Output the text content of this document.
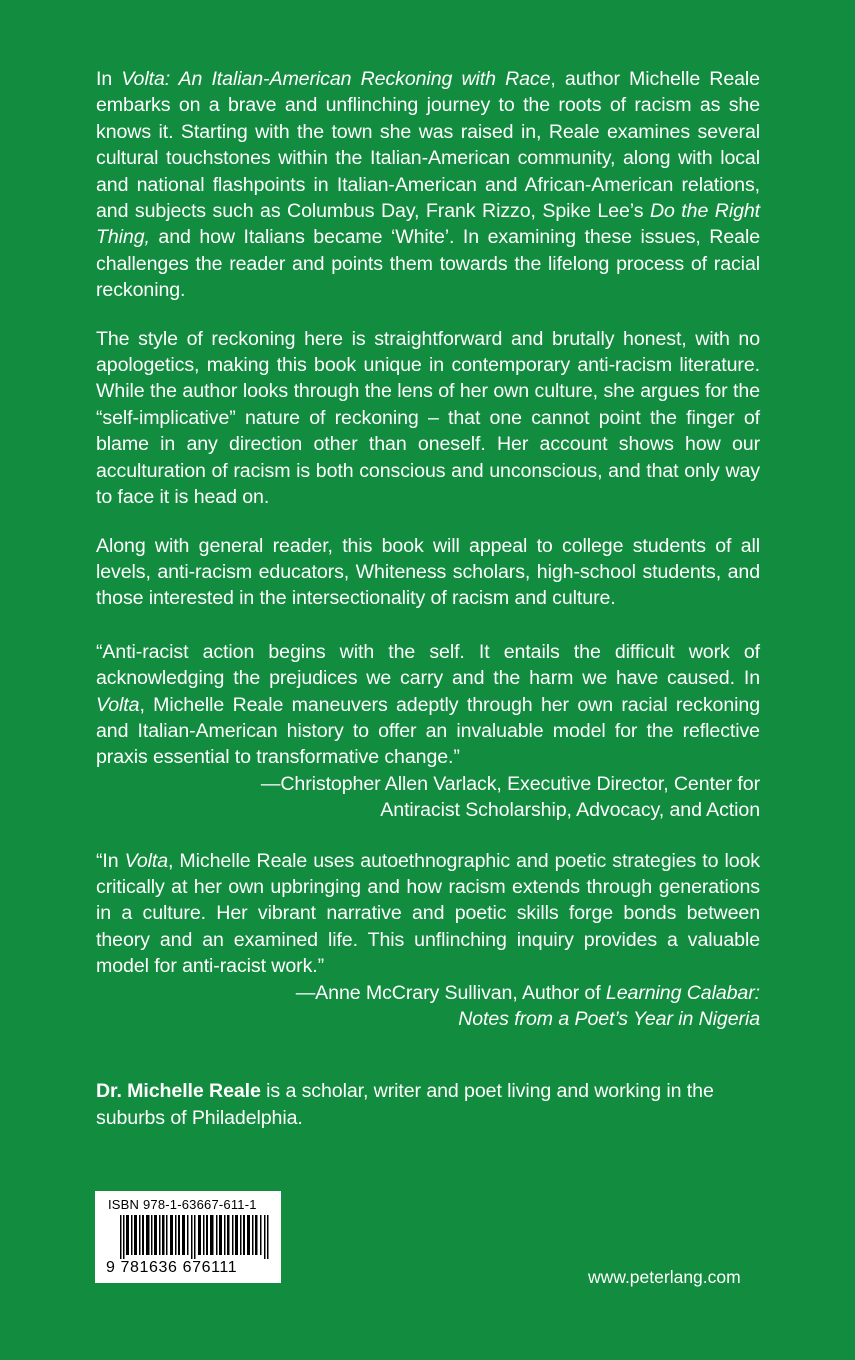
In Volta: An Italian-American Reckoning with Race, author Michelle Reale embarks on a brave and unflinching journey to the roots of racism as she knows it. Starting with the town she was raised in, Reale examines several cultural touchstones within the Italian-American community, along with local and national flashpoints in Italian-American and African-American relations, and subjects such as Columbus Day, Frank Rizzo, Spike Lee’s Do the Right Thing, and how Italians became ‘White’. In examining these issues, Reale challenges the reader and points them towards the lifelong process of racial reckoning.

The style of reckoning here is straightforward and brutally honest, with no apologetics, making this book unique in contemporary anti-racism literature. While the author looks through the lens of her own culture, she argues for the “self-implicative” nature of reckoning – that one cannot point the finger of blame in any direction other than oneself. Her account shows how our acculturation of racism is both conscious and unconscious, and that only way to face it is head on.

Along with general reader, this book will appeal to college students of all levels, anti-racism educators, Whiteness scholars, high-school students, and those interested in the intersectionality of racism and culture.

“Anti-racist action begins with the self. It entails the difficult work of acknowledging the prejudices we carry and the harm we have caused. In Volta, Michelle Reale maneuvers adeptly through her own racial reckoning and Italian-American history to offer an invaluable model for the reflective praxis essential to transformative change.”

—Christopher Allen Varlack, Executive Director, Center for

Antiracist Scholarship, Advocacy, and Action

“In Volta, Michelle Reale uses autoethnographic and poetic strategies to look critically at her own upbringing and how racism extends through generations in a culture. Her vibrant narrative and poetic skills forge bonds between theory and an examined life. This unflinching inquiry provides a valuable model for anti-racist work.”

—Anne McCrary Sullivan, Author of Learning Calabar:

Notes from a Poet’s Year in Nigeria

Dr. Michelle Reale is a scholar, writer and poet living and working in the suburbs of Philadelphia.

ISBN 978-1-63667-611-1
9 781636 676111	www.peterlang.com
